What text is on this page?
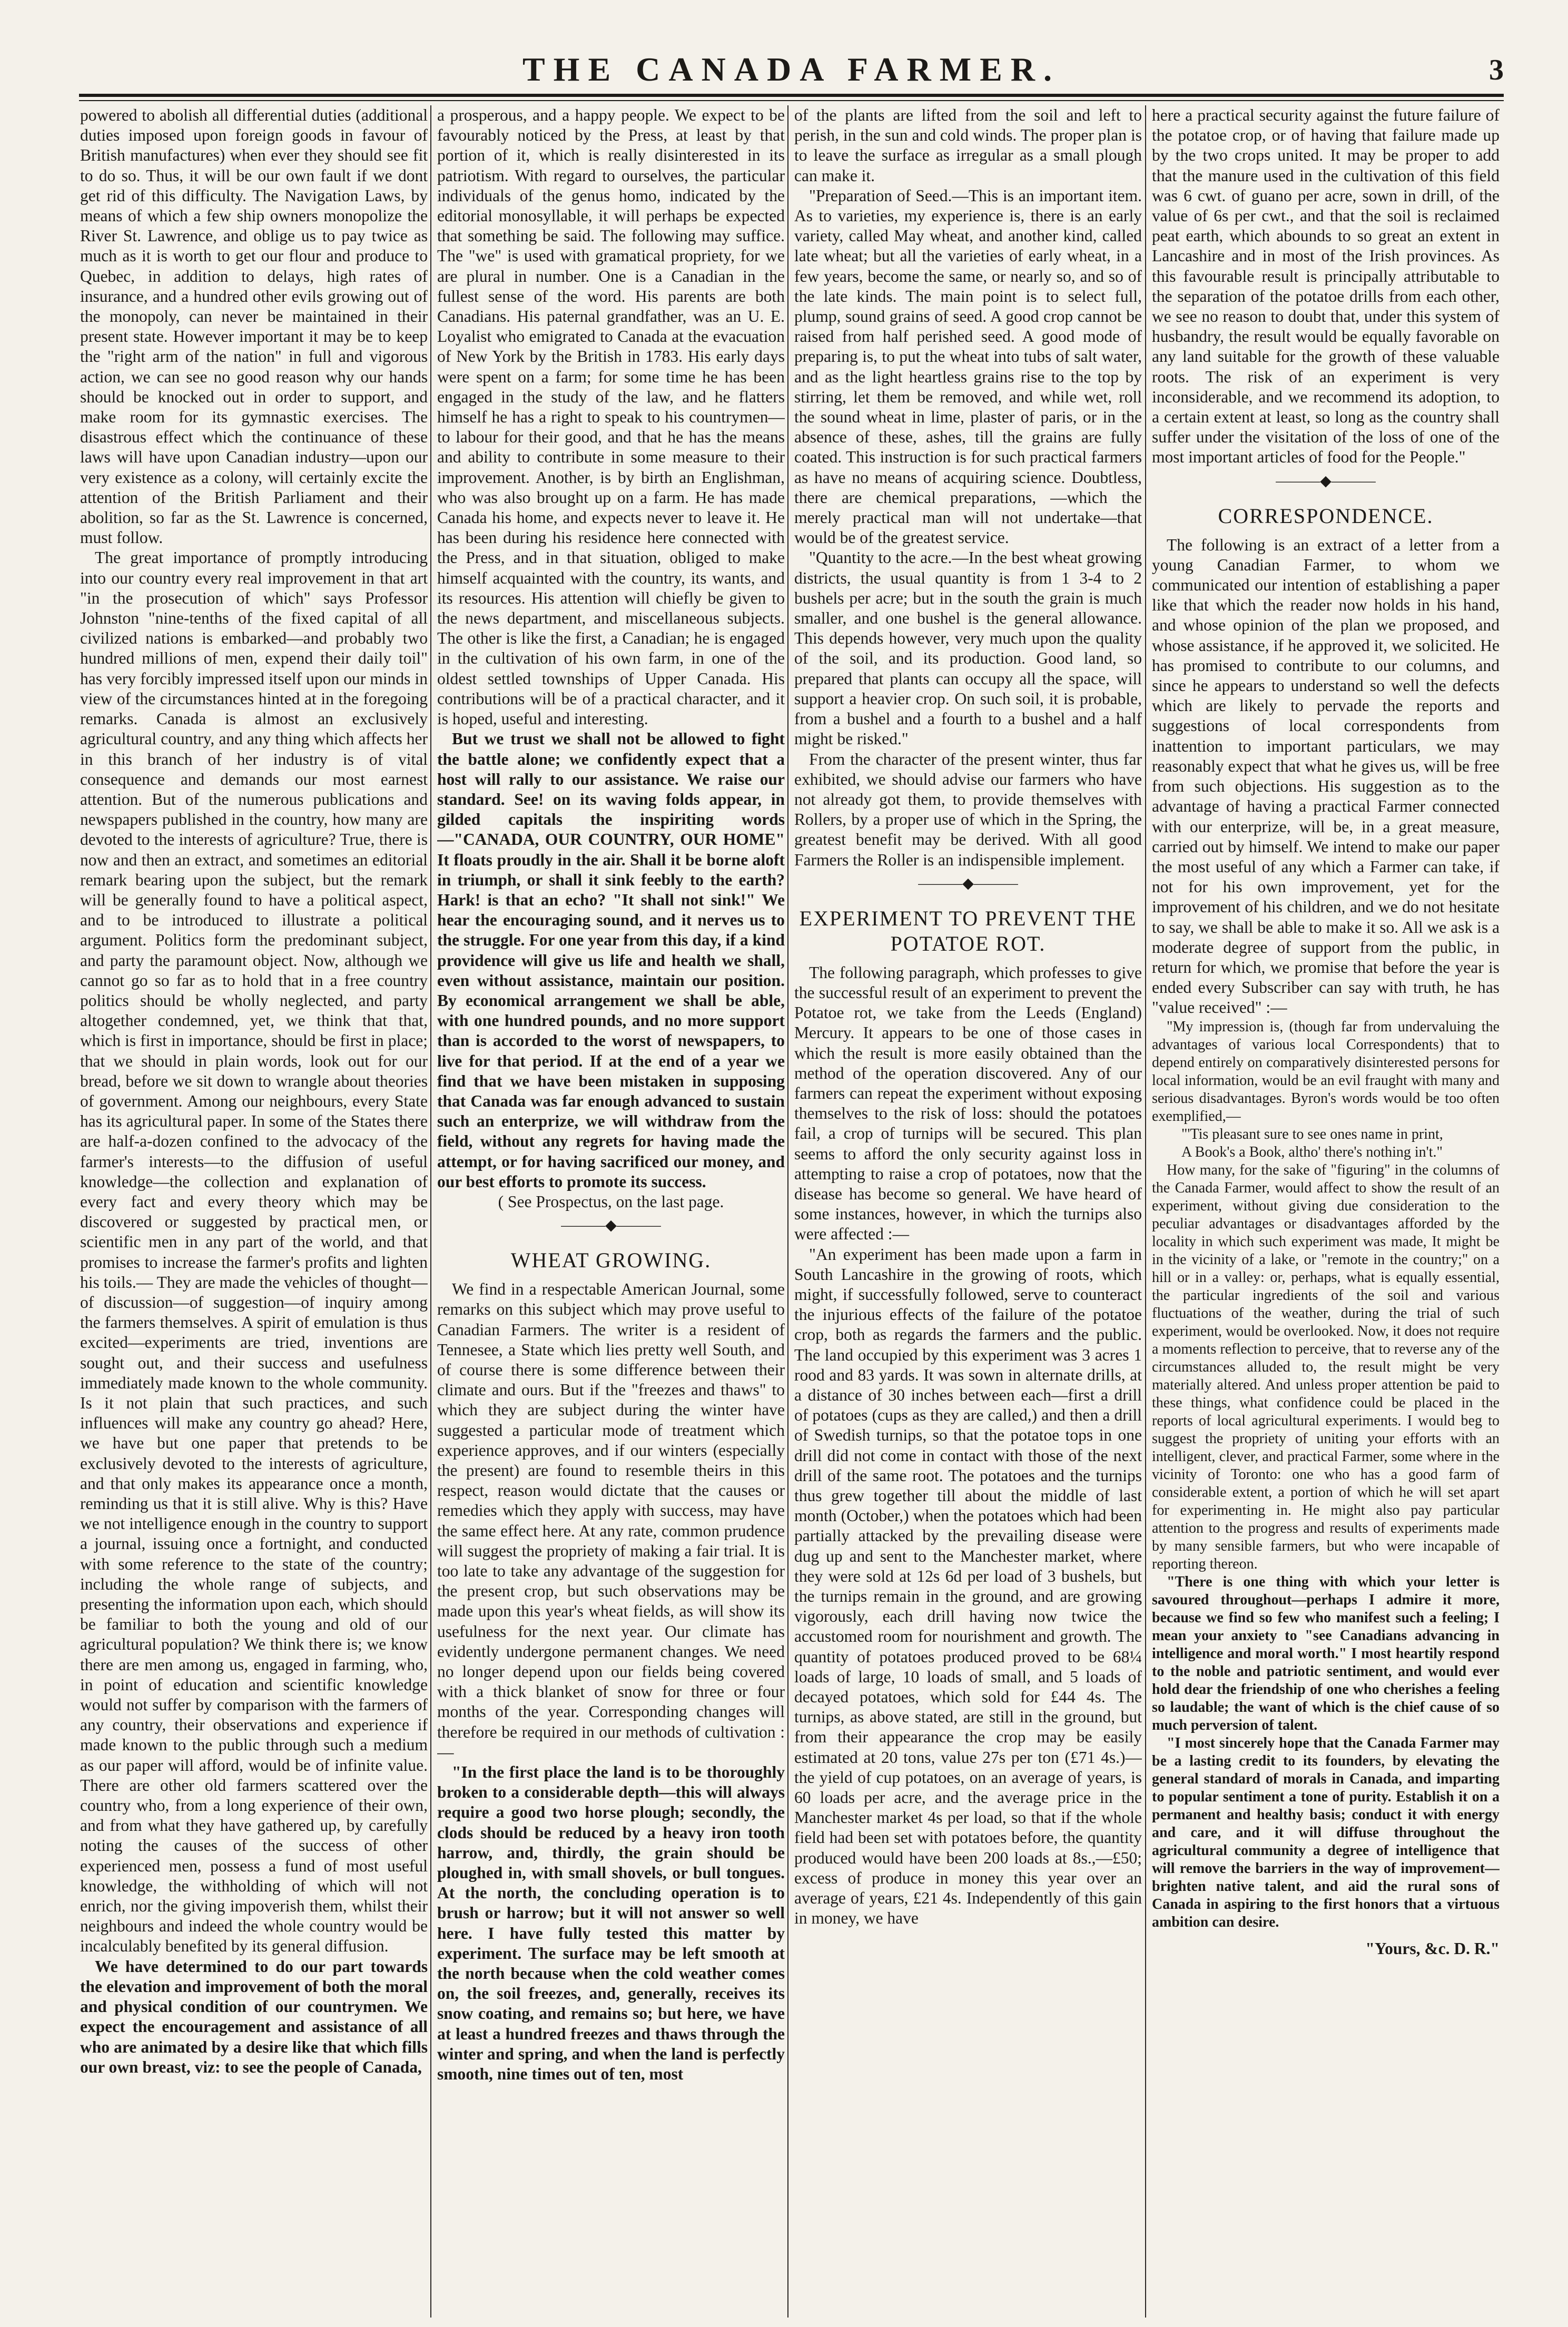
THE CANADA FARMER.	3

powered to abolish all differential duties (additional duties imposed upon foreign goods in favour of British manufactures) when ever they should see fit to do so. Thus, it will be our own fault if we dont get rid of this difficulty. The Navigation Laws, by means of which a few ship owners monopolize the River St. Lawrence, and oblige us to pay twice as much as it is worth to get our flour and produce to Quebec, in addition to delays, high rates of insurance, and a hundred other evils growing out of the monopoly, can never be maintained in their present state. However important it may be to keep the "right arm of the nation" in full and vigorous action, we can see no good reason why our hands should be knocked out in order to support, and make room for its gymnastic exercises. The disastrous effect which the continuance of these laws will have upon Canadian industry—upon our very existence as a colony, will certainly excite the attention of the British Parliament and their abolition, so far as the St. Lawrence is concerned, must follow.

The great importance of promptly introducing into our country every real improvement in that art "in the prosecution of which" says Professor Johnston "nine-tenths of the fixed capital of all civilized nations is embarked—and probably two hundred millions of men, expend their daily toil" has very forcibly impressed itself upon our minds in view of the circumstances hinted at in the foregoing remarks. Canada is almost an exclusively agricultural country, and any thing which affects her in this branch of her industry is of vital consequence and demands our most earnest attention. But of the numerous publications and newspapers published in the country, how many are devoted to the interests of agriculture? True, there is now and then an extract, and sometimes an editorial remark bearing upon the subject, but the remark will be generally found to have a political aspect, and to be introduced to illustrate a political argument. Politics form the predominant subject, and party the paramount object. Now, although we cannot go so far as to hold that in a free country politics should be wholly neglected, and party altogether condemned, yet, we think that that, which is first in importance, should be first in place; that we should in plain words, look out for our bread, before we sit down to wrangle about theories of government. Among our neighbours, every State has its agricultural paper. In some of the States there are half-a-dozen confined to the advocacy of the farmer's interests—to the diffusion of useful knowledge—the collection and explanation of every fact and every theory which may be discovered or suggested by practical men, or scientific men in any part of the world, and that promises to increase the farmer's profits and lighten his toils.— They are made the vehicles of thought—of discussion—of suggestion—of inquiry among the farmers themselves. A spirit of emulation is thus excited—experiments are tried, inventions are sought out, and their success and usefulness immediately made known to the whole community. Is it not plain that such practices, and such influences will make any country go ahead? Here, we have but one paper that pretends to be exclusively devoted to the interests of agriculture, and that only makes its appearance once a month, reminding us that it is still alive. Why is this? Have we not intelligence enough in the country to support a journal, issuing once a fortnight, and conducted with some reference to the state of the country; including the whole range of subjects, and presenting the information upon each, which should be familiar to both the young and old of our agricultural population? We think there is; we know there are men among us, engaged in farming, who, in point of education and scientific knowledge would not suffer by comparison with the farmers of any country, their observations and experience if made known to the public through such a medium as our paper will afford, would be of infinite value. There are other old farmers scattered over the country who, from a long experience of their own, and from what they have gathered up, by carefully noting the causes of the success of other experienced men, possess a fund of most useful knowledge, the withholding of which will not enrich, nor the giving impoverish them, whilst their neighbours and indeed the whole country would be incalculably benefited by its general diffusion.

We have determined to do our part towards the elevation and improvement of both the moral and physical condition of our countrymen. We expect the encouragement and assistance of all who are animated by a desire like that which fills our own breast, viz: to see the people of Canada,

a prosperous, and a happy people. We expect to be favourably noticed by the Press, at least by that portion of it, which is really disinterested in its patriotism. With regard to ourselves, the particular individuals of the genus homo, indicated by the editorial monosyllable, it will perhaps be expected that something be said. The following may suffice. The "we" is used with gramatical propriety, for we are plural in number. One is a Canadian in the fullest sense of the word. His parents are both Canadians. His paternal grandfather, was an U. E. Loyalist who emigrated to Canada at the evacuation of New York by the British in 1783. His early days were spent on a farm; for some time he has been engaged in the study of the law, and he flatters himself he has a right to speak to his countrymen—to labour for their good, and that he has the means and ability to contribute in some measure to their improvement. Another, is by birth an Englishman, who was also brought up on a farm. He has made Canada his home, and expects never to leave it. He has been during his residence here connected with the Press, and in that situation, obliged to make himself acquainted with the country, its wants, and its resources. His attention will chiefly be given to the news department, and miscellaneous subjects. The other is like the first, a Canadian; he is engaged in the cultivation of his own farm, in one of the oldest settled townships of Upper Canada. His contributions will be of a practical character, and it is hoped, useful and interesting.

But we trust we shall not be allowed to fight the battle alone; we confidently expect that a host will rally to our assistance. We raise our standard. See! on its waving folds appear, in gilded capitals the inspiriting words—"CANADA, OUR COUNTRY, OUR HOME" It floats proudly in the air. Shall it be borne aloft in triumph, or shall it sink feebly to the earth? Hark! is that an echo? "It shall not sink!" We hear the encouraging sound, and it nerves us to the struggle. For one year from this day, if a kind providence will give us life and health we shall, even without assistance, maintain our position. By economical arrangement we shall be able, with one hundred pounds, and no more support than is accorded to the worst of newspapers, to live for that period. If at the end of a year we find that we have been mistaken in supposing that Canada was far enough advanced to sustain such an enterprize, we will withdraw from the field, without any regrets for having made the attempt, or for having sacrificed our money, and our best efforts to promote its success.

( See Prospectus, on the last page.

———◆———
WHEAT GROWING.

We find in a respectable American Journal, some remarks on this subject which may prove useful to Canadian Farmers. The writer is a resident of Tennesee, a State which lies pretty well South, and of course there is some difference between their climate and ours. But if the "freezes and thaws" to which they are subject during the winter have suggested a particular mode of treatment which experience approves, and if our winters (especially the present) are found to resemble theirs in this respect, reason would dictate that the causes or remedies which they apply with success, may have the same effect here. At any rate, common prudence will suggest the propriety of making a fair trial. It is too late to take any advantage of the suggestion for the present crop, but such observations may be made upon this year's wheat fields, as will show its usefulness for the next year. Our climate has evidently undergone permanent changes. We need no longer depend upon our fields being covered with a thick blanket of snow for three or four months of the year. Corresponding changes will therefore be required in our methods of cultivation :—

"In the first place the land is to be thoroughly broken to a considerable depth—this will always require a good two horse plough; secondly, the clods should be reduced by a heavy iron tooth harrow, and, thirdly, the grain should be ploughed in, with small shovels, or bull tongues. At the north, the concluding operation is to brush or harrow; but it will not answer so well here. I have fully tested this matter by experiment. The surface may be left smooth at the north because when the cold weather comes on, the soil freezes, and, generally, receives its snow coating, and remains so; but here, we have at least a hundred freezes and thaws through the winter and spring, and when the land is perfectly smooth, nine times out of ten, most

of the plants are lifted from the soil and left to perish, in the sun and cold winds. The proper plan is to leave the surface as irregular as a small plough can make it.

"Preparation of Seed.—This is an important item. As to varieties, my experience is, there is an early variety, called May wheat, and another kind, called late wheat; but all the varieties of early wheat, in a few years, become the same, or nearly so, and so of the late kinds. The main point is to select full, plump, sound grains of seed. A good crop cannot be raised from half perished seed. A good mode of preparing is, to put the wheat into tubs of salt water, and as the light heartless grains rise to the top by stirring, let them be removed, and while wet, roll the sound wheat in lime, plaster of paris, or in the absence of these, ashes, till the grains are fully coated. This instruction is for such practical farmers as have no means of acquiring science. Doubtless, there are chemical preparations, —which the merely practical man will not undertake—that would be of the greatest service.

"Quantity to the acre.—In the best wheat growing districts, the usual quantity is from 1 3-4 to 2 bushels per acre; but in the south the grain is much smaller, and one bushel is the general allowance. This depends however, very much upon the quality of the soil, and its production. Good land, so prepared that plants can occupy all the space, will support a heavier crop. On such soil, it is probable, from a bushel and a fourth to a bushel and a half might be risked."

From the character of the present winter, thus far exhibited, we should advise our farmers who have not already got them, to provide themselves with Rollers, by a proper use of which in the Spring, the greatest benefit may be derived. With all good Farmers the Roller is an indispensible implement.

———◆———
EXPERIMENT TO PREVENT THE POTATOE ROT.

The following paragraph, which professes to give the successful result of an experiment to prevent the Potatoe rot, we take from the Leeds (England) Mercury. It appears to be one of those cases in which the result is more easily obtained than the method of the operation discovered. Any of our farmers can repeat the experiment without exposing themselves to the risk of loss: should the potatoes fail, a crop of turnips will be secured. This plan seems to afford the only security against loss in attempting to raise a crop of potatoes, now that the disease has become so general. We have heard of some instances, however, in which the turnips also were affected :—

"An experiment has been made upon a farm in South Lancashire in the growing of roots, which might, if successfully followed, serve to counteract the injurious effects of the failure of the potatoe crop, both as regards the farmers and the public. The land occupied by this experiment was 3 acres 1 rood and 83 yards. It was sown in alternate drills, at a distance of 30 inches between each—first a drill of potatoes (cups as they are called,) and then a drill of Swedish turnips, so that the potatoe tops in one drill did not come in contact with those of the next drill of the same root. The potatoes and the turnips thus grew together till about the middle of last month (October,) when the potatoes which had been partially attacked by the prevailing disease were dug up and sent to the Manchester market, where they were sold at 12s 6d per load of 3 bushels, but the turnips remain in the ground, and are growing vigorously, each drill having now twice the accustomed room for nourishment and growth. The quantity of potatoes produced proved to be 68¼ loads of large, 10 loads of small, and 5 loads of decayed potatoes, which sold for £44 4s. The turnips, as above stated, are still in the ground, but from their appearance the crop may be easily estimated at 20 tons, value 27s per ton (£71 4s.)—the yield of cup potatoes, on an average of years, is 60 loads per acre, and the average price in the Manchester market 4s per load, so that if the whole field had been set with potatoes before, the quantity produced would have been 200 loads at 8s.,—£50; excess of produce in money this year over an average of years, £21 4s. Independently of this gain in money, we have

here a practical security against the future failure of the potatoe crop, or of having that failure made up by the two crops united. It may be proper to add that the manure used in the cultivation of this field was 6 cwt. of guano per acre, sown in drill, of the value of 6s per cwt., and that the soil is reclaimed peat earth, which abounds to so great an extent in Lancashire and in most of the Irish provinces. As this favourable result is principally attributable to the separation of the potatoe drills from each other, we see no reason to doubt that, under this system of husbandry, the result would be equally favorable on any land suitable for the growth of these valuable roots. The risk of an experiment is very inconsiderable, and we recommend its adoption, to a certain extent at least, so long as the country shall suffer under the visitation of the loss of one of the most important articles of food for the People."

———◆———
CORRESPONDENCE.

The following is an extract of a letter from a young Canadian Farmer, to whom we communicated our intention of establishing a paper like that which the reader now holds in his hand, and whose opinion of the plan we proposed, and whose assistance, if he approved it, we solicited. He has promised to contribute to our columns, and since he appears to understand so well the defects which are likely to pervade the reports and suggestions of local correspondents from inattention to important particulars, we may reasonably expect that what he gives us, will be free from such objections. His suggestion as to the advantage of having a practical Farmer connected with our enterprize, will be, in a great measure, carried out by himself. We intend to make our paper the most useful of any which a Farmer can take, if not for his own improvement, yet for the improvement of his children, and we do not hesitate to say, we shall be able to make it so. All we ask is a moderate degree of support from the public, in return for which, we promise that before the year is ended every Subscriber can say with truth, he has "value received" :—

"My impression is, (though far from undervaluing the advantages of various local Correspondents) that to depend entirely on comparatively disinterested persons for local information, would be an evil fraught with many and serious disadvantages. Byron's words would be too often exemplified,—

"'Tis pleasant sure to see ones name in print,

A Book's a Book, altho' there's nothing in't."

How many, for the sake of "figuring" in the columns of the Canada Farmer, would affect to show the result of an experiment, without giving due consideration to the peculiar advantages or disadvantages afforded by the locality in which such experiment was made, It might be in the vicinity of a lake, or "remote in the country;" on a hill or in a valley: or, perhaps, what is equally essential, the particular ingredients of the soil and various fluctuations of the weather, during the trial of such experiment, would be overlooked. Now, it does not require a moments reflection to perceive, that to reverse any of the circumstances alluded to, the result might be very materially altered. And unless proper attention be paid to these things, what confidence could be placed in the reports of local agricultural experiments. I would beg to suggest the propriety of uniting your efforts with an intelligent, clever, and practical Farmer, some where in the vicinity of Toronto: one who has a good farm of considerable extent, a portion of which he will set apart for experimenting in. He might also pay particular attention to the progress and results of experiments made by many sensible farmers, but who were incapable of reporting thereon.

"There is one thing with which your letter is savoured throughout—perhaps I admire it more, because we find so few who manifest such a feeling; I mean your anxiety to "see Canadians advancing in intelligence and moral worth." I most heartily respond to the noble and patriotic sentiment, and would ever hold dear the friendship of one who cherishes a feeling so laudable; the want of which is the chief cause of so much perversion of talent.

"I most sincerely hope that the Canada Farmer may be a lasting credit to its founders, by elevating the general standard of morals in Canada, and imparting to popular sentiment a tone of purity. Establish it on a permanent and healthy basis; conduct it with energy and care, and it will diffuse throughout the agricultural community a degree of intelligence that will remove the barriers in the way of improvement—brighten native talent, and aid the rural sons of Canada in aspiring to the first honors that a virtuous ambition can desire.

"Yours, &c. D. R."
